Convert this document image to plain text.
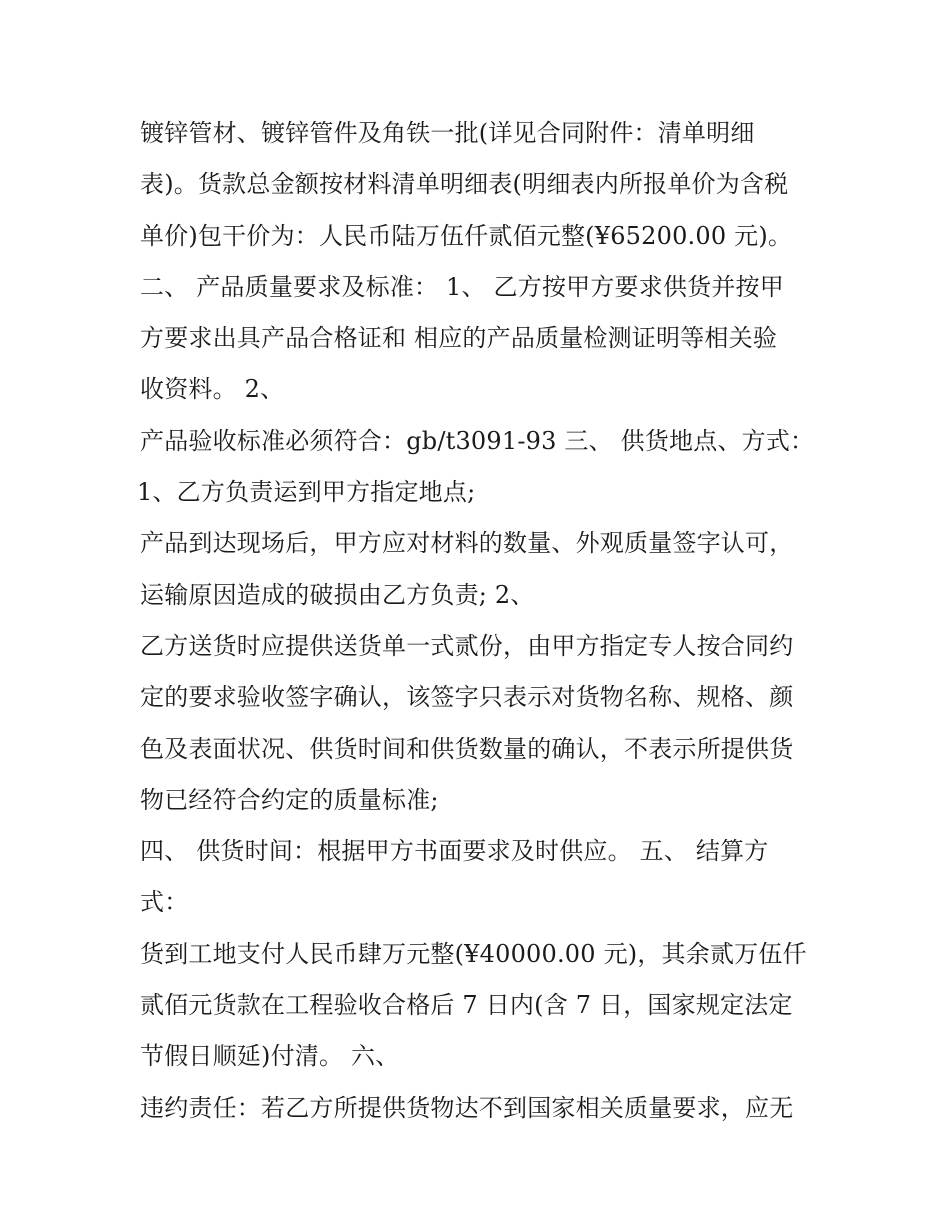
镀锌管材、镀锌管件及角铁一批(详见合同附件：清单明细
表)。货款总金额按材料清单明细表(明细表内所报单价为含税
单价)包干价为：人民币陆万伍仟贰佰元整(¥65200.00 元)。
二、 产品质量要求及标准： 1、 乙方按甲方要求供货并按甲
方要求出具产品合格证和 相应的产品质量检测证明等相关验
收资料。 2、
产品验收标准必须符合：gb/t3091-93 三、 供货地点、方式：
1、乙方负责运到甲方指定地点;
产品到达现场后，甲方应对材料的数量、外观质量签字认可，
运输原因造成的破损由乙方负责; 2、
乙方送货时应提供送货单一式贰份，由甲方指定专人按合同约
定的要求验收签字确认，该签字只表示对货物名称、规格、颜
色及表面状况、供货时间和供货数量的确认，不表示所提供货
物已经符合约定的质量标准;
四、 供货时间：根据甲方书面要求及时供应。 五、 结算方
式：
货到工地支付人民币肆万元整(¥40000.00 元)，其余贰万伍仟
贰佰元货款在工程验收合格后 7 日内(含 7 日，国家规定法定
节假日顺延)付清。 六、
违约责任：若乙方所提供货物达不到国家相关质量要求，应无
